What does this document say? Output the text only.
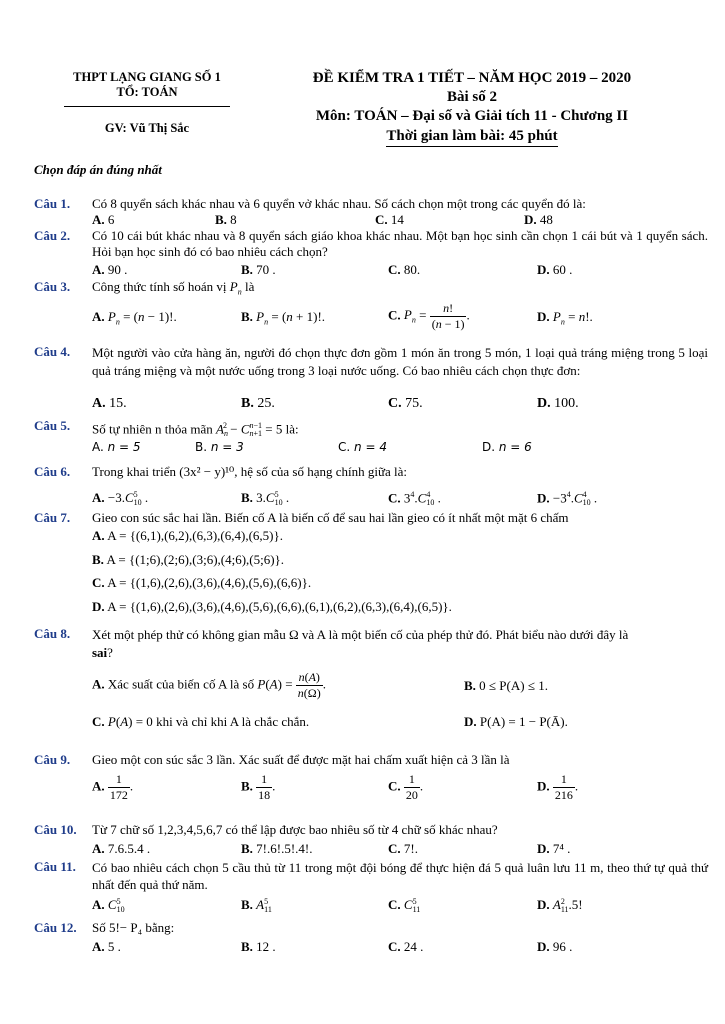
THPT LẠNG GIANG SỐ 1
TỔ: TOÁN
GV: Vũ Thị Sắc
ĐỀ KIỂM TRA 1 TIẾT – NĂM HỌC 2019 – 2020
Bài số 2
Môn: TOÁN – Đại số và Giải tích 11 - Chương II
Thời gian làm bài: 45 phút
Chọn đáp án đúng nhất
Câu 1. Có 8 quyển sách khác nhau và 6 quyển vở khác nhau. Số cách chọn một trong các quyển đó là:
A. 6	B. 8	C. 14	D. 48
Câu 2. Có 10 cái bút khác nhau và 8 quyển sách giáo khoa khác nhau. Một bạn học sinh cần chọn 1 cái bút và 1 quyển sách. Hỏi bạn học sinh đó có bao nhiêu cách chọn?
A. 90 .	B. 70 .	C. 80.	D. 60 .
Câu 3. Công thức tính số hoán vị $P_n$ là
A. $P_n = (n - 1)$!.	B. $P_n = (n + 1)$!.	C. $P_n = \frac{n!}{(n - 1)}$ .	D. $P_n = n$!.
Câu 4. Một người vào cửa hàng ăn, người đó chọn thực đơn gồm 1 món ăn trong 5 món, 1 loại quả tráng miệng trong 5 loại quả tráng miệng và một nước uống trong 3 loại nước uống. Có bao nhiêu cách chọn thực đơn:
A. 15.	B. 25.	C. 75.	D. 100.
Câu 5. Số tự nhiên n thỏa mãn A
$n^2 - Cn-1$
n+1 = 5 là:
A. n = 5	B. n = 3	C. n = 4	D. n = 6
Câu 6. Trong khai triển (3x² − y)¹⁰, hệ số của số hạng chính giữa là:
A. −3.C5
10 .	B. 3.C5
10 .	C. $3^4.C4$
10 .	D. $-3^4.C4$
10 .
Câu 7. Gieo con súc sắc hai lần. Biến cố A là biến cố để sau hai lần gieo có ít nhất một mặt 6 chấm
A. A = {(6,1),(6,2),(6,3),(6,4),(6,5)}.
B. A = {(1;6),(2;6),(3;6),(4;6),(5;6)}.
C. A = {(1,6),(2,6),(3,6),(4,6),(5,6),(6,6)}.
D. A = {(1,6),(2,6),(3,6),(4,6),(5,6),(6,6),(6,1),(6,2),(6,3),(6,4),(6,5)}.
Câu 8. Xét một phép thử có không gian mẫu Ω và A là một biến cố của phép thử đó. Phát biểu nào dưới đây là
sai?
A. Xác suất của biến cố A là số $P(A) = \frac{n(A)}{n(\Omega)}$ .	B. 0 ≤ P(A) ≤ 1.
C. P(A) = 0 khi và chỉ khi A là chắc chắn.	D. P(A) = 1 − P(Ā).
Câu 9. Gieo một con súc sắc 3 lần. Xác suất để được mặt hai chấm xuất hiện cả 3 lần là
A. $\frac{1}{172}$ .	B. $\frac{1}{18}$ .	C. $\frac{1}{20}$ .	D. $\frac{1}{216}$ .
Câu 10. Từ 7 chữ số 1,2,3,4,5,6,7 có thể lập được bao nhiêu số từ 4 chữ số khác nhau?
A. 7.6.5.4 .	B. 7!.6!.5!.4!.	C. 7!.	D. 7⁴ .
Câu 11. Có bao nhiêu cách chọn 5 cầu thủ từ 11 trong một đội bóng để thực hiện đá 5 quả luân lưu 11 m, theo thứ tự quả thứ nhất đến quả thứ năm.
A. C5
10	B. A5
11	C. C5
11	D. A2
11.5!
Câu 12. Số 5!− P₄ bằng:
A. 5 .	B. 12 .	C. 24 .	D. 96 .
